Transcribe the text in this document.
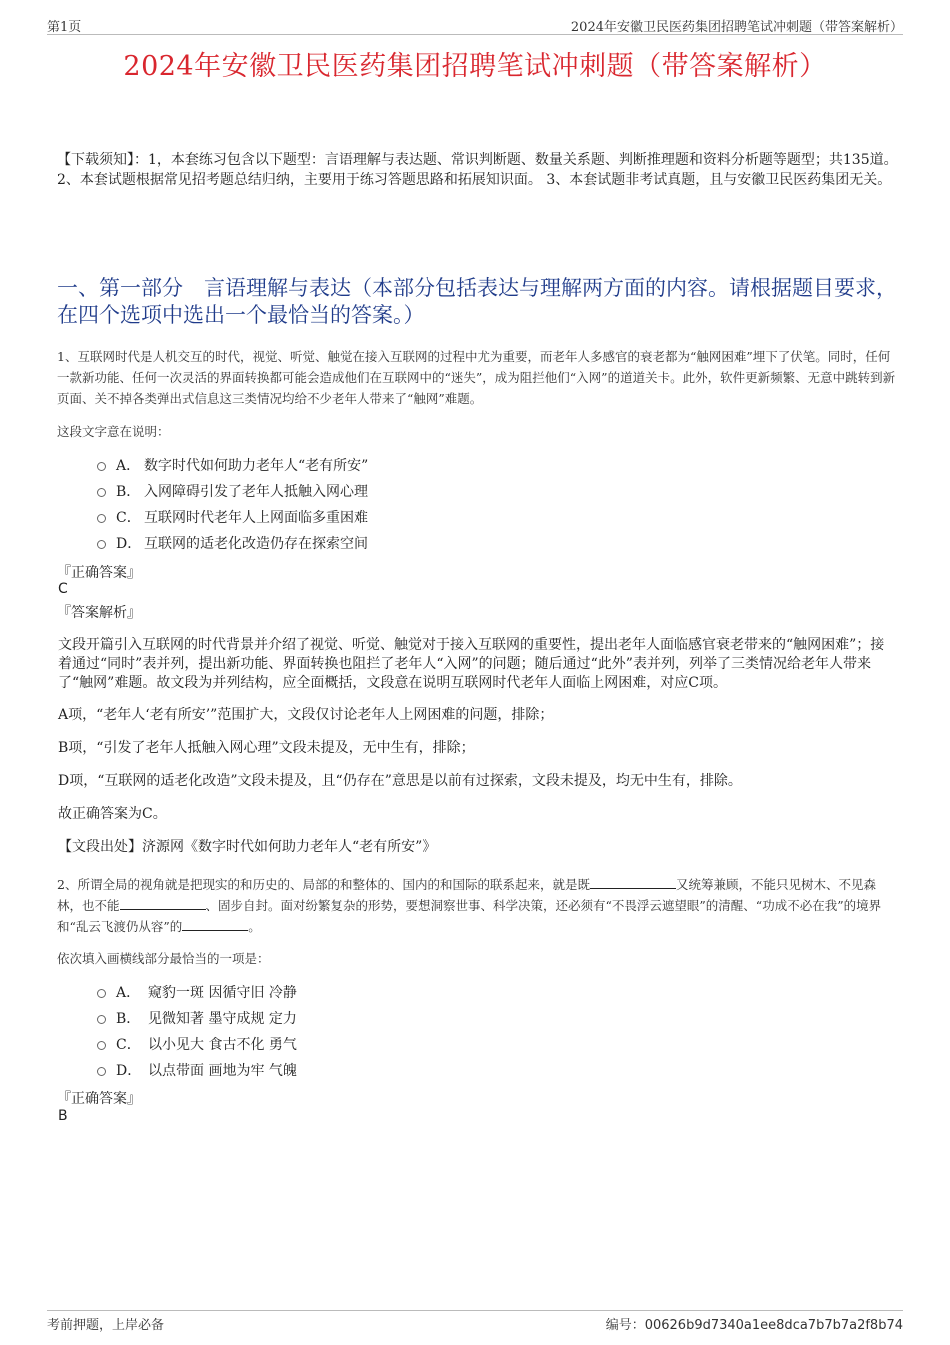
第1页	2024年安徽卫民医药集团招聘笔试冲刺题（带答案解析）
2024年安徽卫民医药集团招聘笔试冲刺题（带答案解析）

【下载须知】：1，本套练习包含以下题型：言语理解与表达题、常识判断题、数量关系题、判断推理题和资料分析题等题型；共135道。 2、本套试题根据常见招考题总结归纳，主要用于练习答题思路和拓展知识面。 3、本套试题非考试真题，且与安徽卫民医药集团无关。

一、第一部分　言语理解与表达（本部分包括表达与理解两方面的内容。请根据题目要求，在四个选项中选出一个最恰当的答案。）

1、互联网时代是人机交互的时代，视觉、听觉、触觉在接入互联网的过程中尤为重要，而老年人多感官的衰老都为“触网困难”埋下了伏笔。同时，任何一款新功能、任何一次灵活的界面转换都可能会造成他们在互联网中的“迷失”，成为阻拦他们“入网”的道道关卡。此外，软件更新频繁、无意中跳转到新页面、关不掉各类弹出式信息这三类情况均给不少老年人带来了“触网”难题。

这段文字意在说明：

A． 数字时代如何助力老年人“老有所安”
B． 入网障碍引发了老年人抵触入网心理
C． 互联网时代老年人上网面临多重困难
D． 互联网的适老化改造仍存在探索空间
『正确答案』
C
『答案解析』

文段开篇引入互联网的时代背景并介绍了视觉、听觉、触觉对于接入互联网的重要性，提出老年人面临感官衰老带来的“触网困难”；接着通过“同时”表并列，提出新功能、界面转换也阻拦了老年人“入网”的问题；随后通过“此外”表并列，列举了三类情况给老年人带来了“触网”难题。故文段为并列结构，应全面概括，文段意在说明互联网时代老年人面临上网困难，对应C项。

A项，“老年人‘老有所安’”范围扩大，文段仅讨论老年人上网困难的问题，排除；

B项，“引发了老年人抵触入网心理”文段未提及，无中生有，排除；

D项，“互联网的适老化改造”文段未提及，且“仍存在”意思是以前有过探索，文段未提及，均无中生有，排除。

故正确答案为C。

【文段出处】济源网《数字时代如何助力老年人“老有所安”》

2、所谓全局的视角就是把现实的和历史的、局部的和整体的、国内的和国际的联系起来，就是既	又统筹兼顾，不能只见树木、不见森林，也不能	、固步自封。面对纷繁复杂的形势，要想洞察世事、科学决策，还必须有“不畏浮云遮望眼”的清醒、“功成不必在我”的境界和“乱云飞渡仍从容”的	。

依次填入画横线部分最恰当的一项是：

A． 窥豹一斑 因循守旧 冷静
B． 见微知著 墨守成规 定力
C． 以小见大 食古不化 勇气
D． 以点带面 画地为牢 气魄
『正确答案』
B
考前押题，上岸必备	编号：00626b9d7340a1ee8dca7b7b7a2f8b74
